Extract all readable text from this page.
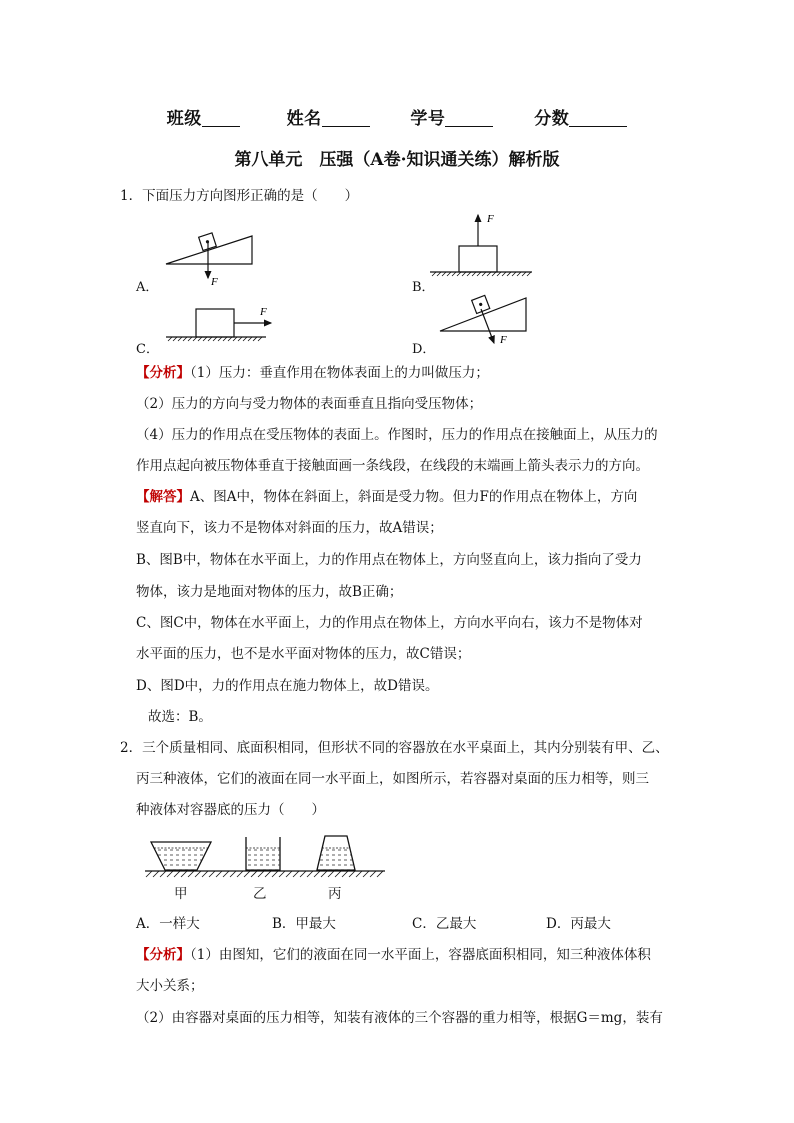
班级	姓名	学号	分数
第八单元　压强（A卷·知识通关练）解析版
1．下面压力方向图形正确的是（　　）
F
F
F
F
A．	B．
C．	D．
【分析】（1）压力：垂直作用在物体表面上的力叫做压力；
（2）压力的方向与受力物体的表面垂直且指向受压物体；
（4）压力的作用点在受压物体的表面上。作图时，压力的作用点在接触面上，从压力的
作用点起向被压物体垂直于接触面画一条线段，在线段的末端画上箭头表示力的方向。
【解答】A、图A中，物体在斜面上，斜面是受力物。但力F的作用点在物体上，方向
竖直向下，该力不是物体对斜面的压力，故A错误；
B、图B中，物体在水平面上，力的作用点在物体上，方向竖直向上，该力指向了受力
物体，该力是地面对物体的压力，故B正确；
C、图C中，物体在水平面上，力的作用点在物体上，方向水平向右，该力不是物体对
水平面的压力，也不是水平面对物体的压力，故C错误；
D、图D中，力的作用点在施力物体上，故D错误。
故选：B。
2．三个质量相同、底面积相同，但形状不同的容器放在水平桌面上，其内分别装有甲、乙、
丙三种液体，它们的液面在同一水平面上，如图所示，若容器对桌面的压力相等，则三
种液体对容器底的压力（　　）
甲	乙	丙
A．一样大	B．甲最大	C．乙最大	D．丙最大
【分析】（1）由图知，它们的液面在同一水平面上，容器底面积相同，知三种液体体积
大小关系；
（2）由容器对桌面的压力相等，知装有液体的三个容器的重力相等，根据G＝mg，装有
